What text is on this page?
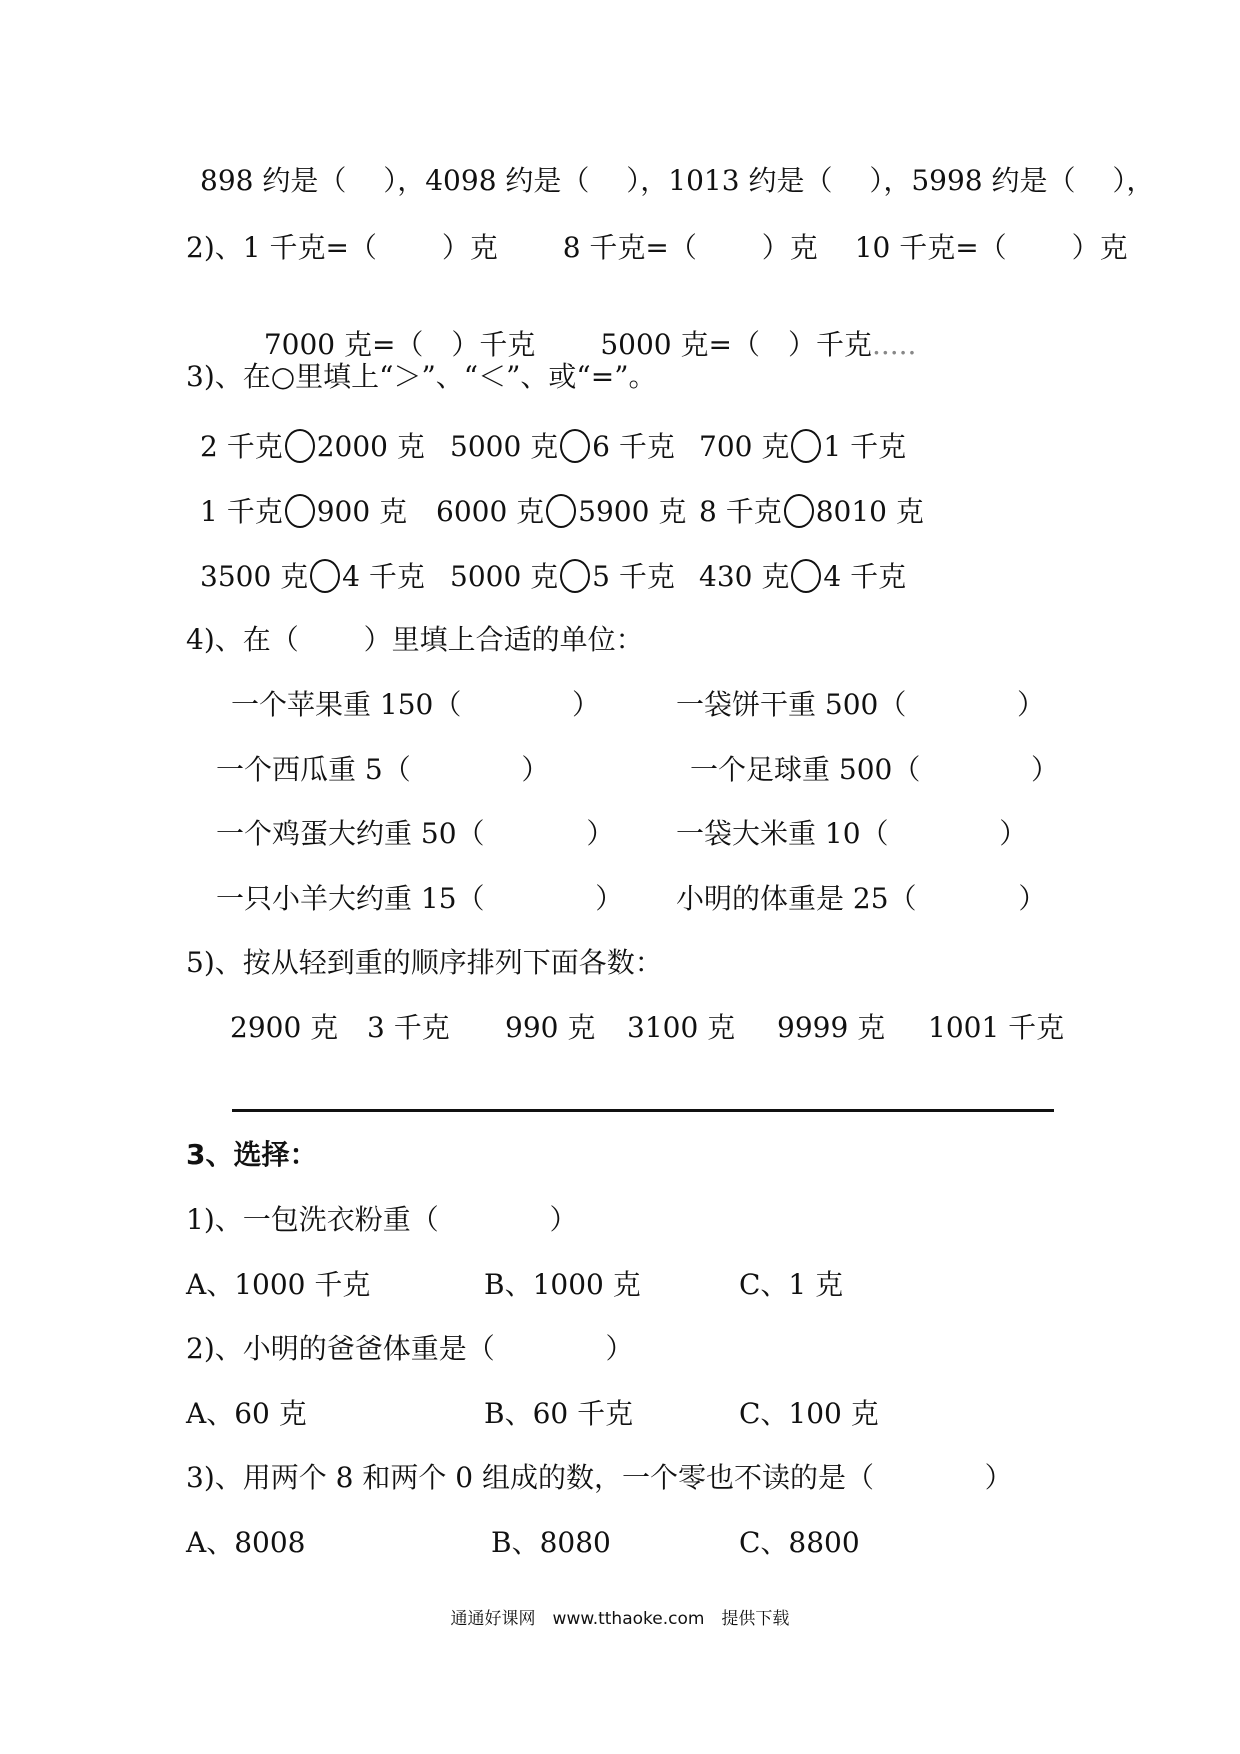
898 约是（　 ），4098 约是（　 ），1013 约是（　 ），5998 约是（　 ），
2)、1 千克=（　 　）克　 　8 千克=（　 　）克　 10 千克=（　 　）克

7000 克=（　）千克　 　5000 克=（　）千克.....

3)、在○里填上“＞”、“＜”、或“=”。
2 千克 2000 克 5000 克 6 千克 700 克 1 千克
1 千克 900 克 6000 克 5900 克 8 千克 8010 克
3500 克 4 千克 5000 克 5 千克 430 克 4 千克
4)、在（　 　）里填上合适的单位：
一个苹果重 150（　 　 　 ）	一袋饼干重 500（　 　 　 ）
一个西瓜重 5（　 　 　 ）	一个足球重 500（　 　 　 ）
一个鸡蛋大约重 50（　 　 　） 一袋大米重 10（　 　 　 ）
一只小羊大约重 15（　 　 　 ） 小明的体重是 25（　 　 　）
5)、按从轻到重的顺序排列下面各数：
2900 克 3 千克 990 克 3100 克 9999 克 1001 千克
3、选择：
1)、一包洗衣粉重（　 　 　 ）
A、1000 千克	B、1000 克	C、1 克
2)、小明的爸爸体重是（　 　 　 ）
A、60 克	B、60 千克	C、100 克
3)、用两个 8 和两个 0 组成的数，一个零也不读的是（　 　 　 ）
A、8008	B、8080	C、8800
通通好课网　www.tthaoke.com　提供下载
